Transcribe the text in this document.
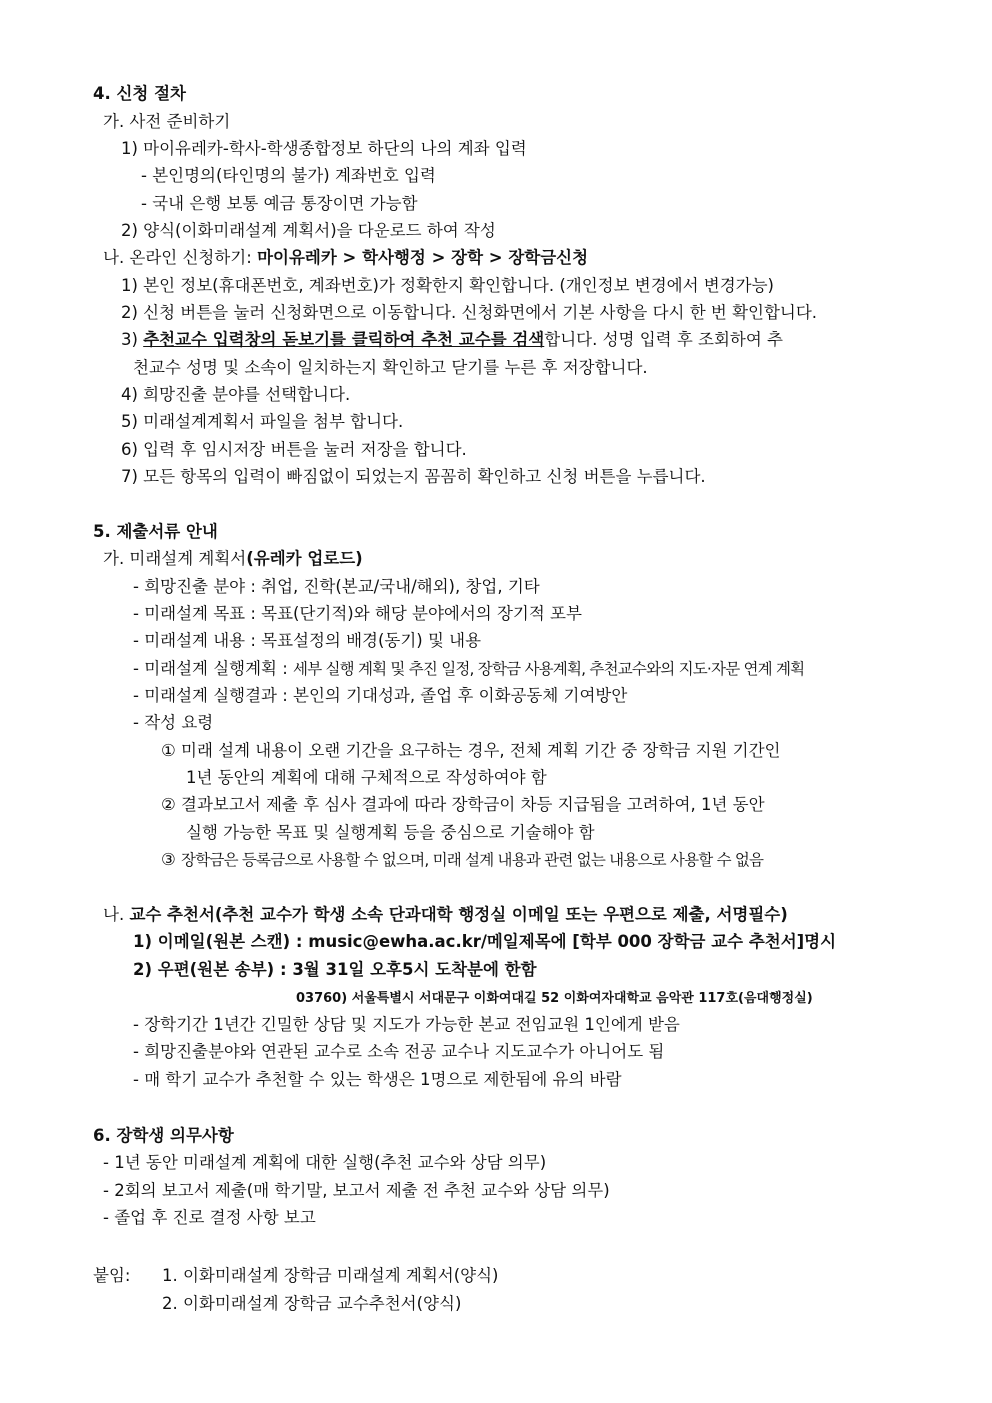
4. 신청 절차
가. 사전 준비하기
1) 마이유레카-학사-학생종합정보 하단의 나의 계좌 입력
- 본인명의(타인명의 불가) 계좌번호 입력
- 국내 은행 보통 예금 통장이면 가능함
2) 양식(이화미래설계 계획서)을 다운로드 하여 작성
나. 온라인 신청하기: 마이유레카 > 학사행정 > 장학 > 장학금신청
1) 본인 정보(휴대폰번호, 계좌번호)가 정확한지 확인합니다. (개인정보 변경에서 변경가능)
2) 신청 버튼을 눌러 신청화면으로 이동합니다. 신청화면에서 기본 사항을 다시 한 번 확인합니다.
3) 추천교수 입력창의 돋보기를 클릭하여 추천 교수를 검색합니다. 성명 입력 후 조회하여 추
천교수 성명 및 소속이 일치하는지 확인하고 닫기를 누른 후 저장합니다.
4) 희망진출 분야를 선택합니다.
5) 미래설계계획서 파일을 첨부 합니다.
6) 입력 후 임시저장 버튼을 눌러 저장을 합니다.
7) 모든 항목의 입력이 빠짐없이 되었는지 꼼꼼히 확인하고 신청 버튼을 누릅니다.
5. 제출서류 안내
가. 미래설계 계획서(유레카 업로드)
- 희망진출 분야 : 취업, 진학(본교/국내/해외), 창업, 기타
- 미래설계 목표 : 목표(단기적)와 해당 분야에서의 장기적 포부
- 미래설계 내용 : 목표설정의 배경(동기) 및 내용
- 미래설계 실행계획 : 세부 실행 계획 및 추진 일정, 장학금 사용계획, 추천교수와의 지도·자문 연계 계획
- 미래설계 실행결과 : 본인의 기대성과, 졸업 후 이화공동체 기여방안
- 작성 요령
① 미래 설계 내용이 오랜 기간을 요구하는 경우, 전체 계획 기간 중 장학금 지원 기간인
1년 동안의 계획에 대해 구체적으로 작성하여야 함
② 결과보고서 제출 후 심사 결과에 따라 장학금이 차등 지급됨을 고려하여, 1년 동안
실행 가능한 목표 및 실행계획 등을 중심으로 기술해야 함
③ 장학금은 등록금으로 사용할 수 없으며, 미래 설계 내용과 관련 없는 내용으로 사용할 수 없음
나. 교수 추천서(추천 교수가 학생 소속 단과대학 행정실 이메일 또는 우편으로 제출, 서명필수)
1) 이메일(원본 스캔) : music@ewha.ac.kr/메일제목에 [학부 000 장학금 교수 추천서]명시
2) 우편(원본 송부) : 3월 31일 오후5시 도착분에 한함
03760) 서울특별시 서대문구 이화여대길 52 이화여자대학교 음악관 117호(음대행정실)
- 장학기간 1년간 긴밀한 상담 및 지도가 가능한 본교 전임교원 1인에게 받음
- 희망진출분야와 연관된 교수로 소속 전공 교수나 지도교수가 아니어도 됨
- 매 학기 교수가 추천할 수 있는 학생은 1명으로 제한됨에 유의 바람
6. 장학생 의무사항
- 1년 동안 미래설계 계획에 대한 실행(추천 교수와 상담 의무)
- 2회의 보고서 제출(매 학기말, 보고서 제출 전 추천 교수와 상담 의무)
- 졸업 후 진로 결정 사항 보고
붙임: 1. 이화미래설계 장학금 미래설계 계획서(양식)
2. 이화미래설계 장학금 교수추천서(양식)
